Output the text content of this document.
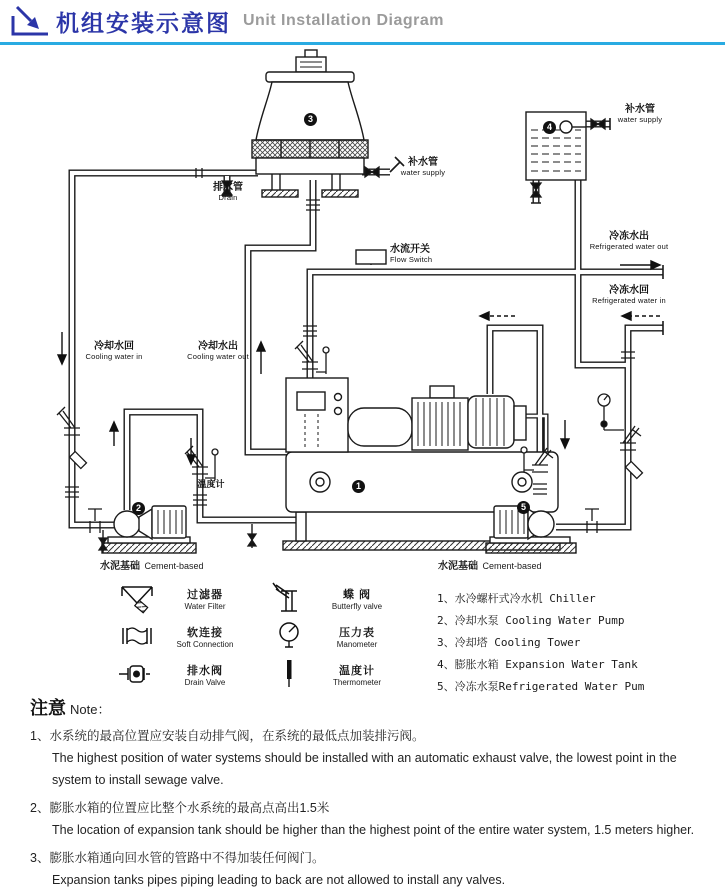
机组安装示意图 Unit Installation Diagram
排水管
Drain
补水管
water supply
补水管
water supply
水流开关
Flow Switch
冷冻水出
Refrigerated water out
冷冻水回
Refrigerated water in
冷却水回
Cooling water in
冷却水出
Cooling water out
温度计
水泥基础 Cement-based	水泥基础 Cement-based
1
2
3
4
5
过滤器
Water Filter
软连接
Soft Connection
排水阀
Drain Valve
蝶 阀
Butterfly valve
压力表
Manometer
温度计
Thermometer
1、水冷螺杆式冷水机 Chiller
2、冷却水泵 Cooling Water Pump
3、冷却塔 Cooling Tower
4、膨胀水箱 Expansion Water Tank
5、冷冻水泵Refrigerated Water Pum
注意 Note：
1、水系统的最高位置应安装自动排气阀，在系统的最低点加装排污阀。
The highest position of water systems should be installed with an automatic exhaust valve, the lowest point in the system to install sewage valve.
2、膨胀水箱的位置应比整个水系统的最高点高出1.5米
The location of expansion tank should be higher than the highest point of the entire water system, 1.5 meters higher.
3、膨胀水箱通向回水管的管路中不得加装任何阀门。
Expansion tanks pipes piping leading to back are not allowed to install any valves.
